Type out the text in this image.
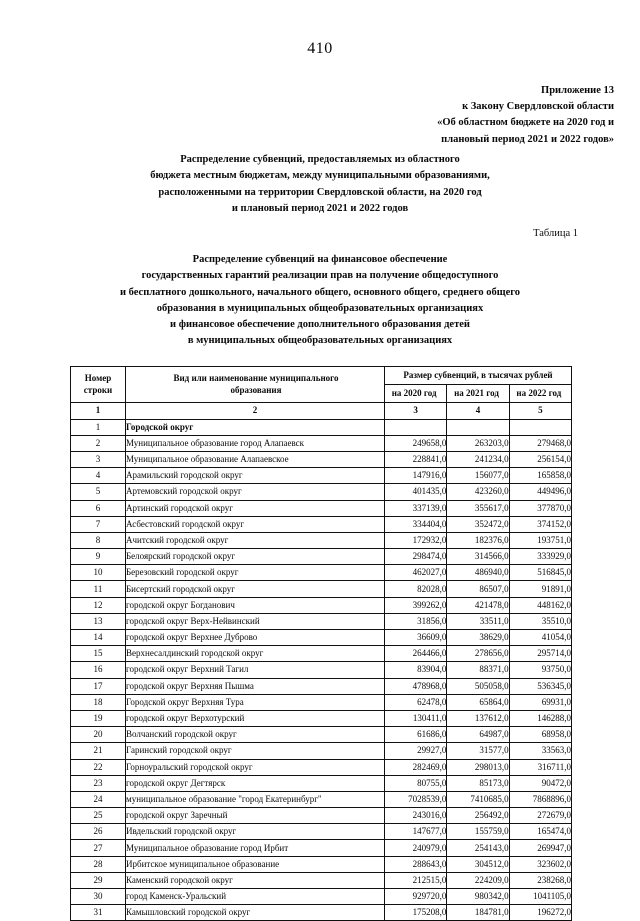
410
Приложение 13
к Закону Свердловской области
«Об областном бюджете на 2020 год и
плановый период 2021 и 2022 годов»
Распределение субвенций, предоставляемых из областного
бюджета местным бюджетам, между муниципальными образованиями,
расположенными на территории Свердловской области, на 2020 год
и плановый период 2021 и 2022 годов
Таблица 1
Распределение субвенций на финансовое обеспечение
государственных гарантий реализации прав на получение общедоступного
и бесплатного дошкольного, начального общего, основного общего, среднего общего
образования в муниципальных общеобразовательных организациях
и финансовое обеспечение дополнительного образования детей
в муниципальных общеобразовательных организациях
Номер
строки	Вид или наименование муниципального
образования	Размер субвенций, в тысячах рублей		
		на 2020 год	на 2021 год	на 2022 год
1	2	3	4	5
1	Городской округ			
2	Муниципальное образование город Алапаевск	249658,0	263203,0	279468,0
3	Муниципальное образование Алапаевское	228841,0	241234,0	256154,0
4	Арамильский городской округ	147916,0	156077,0	165858,0
5	Артемовский городской округ	401435,0	423260,0	449496,0
6	Артинский городской округ	337139,0	355617,0	377870,0
7	Асбестовский городской округ	334404,0	352472,0	374152,0
8	Ачитский городской округ	172932,0	182376,0	193751,0
9	Белоярский городской округ	298474,0	314566,0	333929,0
10	Березовский городской округ	462027,0	486940,0	516845,0
11	Бисертский городской округ	82028,0	86507,0	91891,0
12	городской округ Богданович	399262,0	421478,0	448162,0
13	городской округ Верх-Нейвинский	31856,0	33511,0	35510,0
14	городской округ Верхнее Дуброво	36609,0	38629,0	41054,0
15	Верхнесалдинский городской округ	264466,0	278656,0	295714,0
16	городской округ Верхний Тагил	83904,0	88371,0	93750,0
17	городской округ Верхняя Пышма	478968,0	505058,0	536345,0
18	Городской округ Верхняя Тура	62478,0	65864,0	69931,0
19	городской округ Верхотурский	130411,0	137612,0	146288,0
20	Волчанский городской округ	61686,0	64987,0	68958,0
21	Гаринский городской округ	29927,0	31577,0	33563,0
22	Горноуральский городской округ	282469,0	298013,0	316711,0
23	городской округ Дегтярск	80755,0	85173,0	90472,0
24	муниципальное образование "город Екатеринбург"	7028539,0	7410685,0	7868896,0
25	городской округ Заречный	243016,0	256492,0	272679,0
26	Ивдельский городской округ	147677,0	155759,0	165474,0
27	Муниципальное образование город Ирбит	240979,0	254143,0	269947,0
28	Ирбитское муниципальное образование	288643,0	304512,0	323602,0
29	Каменский городской округ	212515,0	224209,0	238268,0
30	город Каменск-Уральский	929720,0	980342,0	1041105,0
31	Камышловский городской округ	175208,0	184781,0	196272,0
